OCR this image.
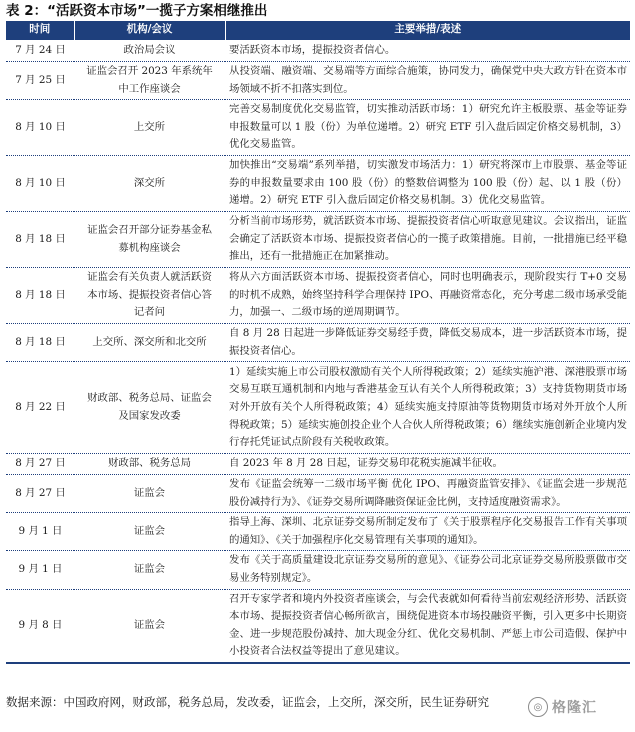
表 2：“活跃资本市场”一揽子方案相继推出
时间	机构/会议	主要举措/表述
7 月 24 日	政治局会议	要活跃资本市场，提振投资者信心。
7 月 25 日	证监会召开 2023 年系统年中工作座谈会	从投资端、融资端、交易端等方面综合施策，协同发力，确保党中央大政方针在资本市场领域不折不扣落实到位。
8 月 10 日	上交所	完善交易制度优化交易监管，切实推动活跃市场：1）研究允许主板股票、基金等证券申报数量可以 1 股（份）为单位递增。2）研究 ETF 引入盘后固定价格交易机制，3）优化交易监管。
8 月 10 日	深交所	加快推出“交易端”系列举措，切实激发市场活力：1）研究将深市上市股票、基金等证券的申报数量要求由 100 股（份）的整数倍调整为 100 股（份）起、以 1 股（份）递增。2）研究 ETF 引入盘后固定价格交易机制。3）优化交易监管。
8 月 18 日	证监会召开部分证券基金私募机构座谈会	分析当前市场形势，就活跃资本市场、提振投资者信心听取意见建议。会议指出，证监会确定了活跃资本市场、提振投资者信心的一揽子政策措施。目前，一批措施已经平稳推出，还有一批措施正在加紧推动。
8 月 18 日	证监会有关负责人就活跃资本市场、提振投资者信心答记者问	将从六方面活跃资本市场、提振投资者信心，同时也明确表示，现阶段实行 T+0 交易的时机不成熟，始终坚持科学合理保持 IPO、再融资常态化，充分考虑二级市场承受能力，加强一、二级市场的逆周期调节。
8 月 18 日	上交所、深交所和北交所	自 8 月 28 日起进一步降低证券交易经手费，降低交易成本，进一步活跃资本市场，提振投资者信心。
8 月 22 日	财政部、税务总局、证监会及国家发改委	1）延续实施上市公司股权激励有关个人所得税政策；2）延续实施沪港、深港股票市场交易互联互通机制和内地与香港基金互认有关个人所得税政策；3）支持货物期货市场对外开放有关个人所得税政策；4）延续实施支持原油等货物期货市场对外开放个人所得税政策；5）延续实施创投企业个人合伙人所得税政策；6）继续实施创新企业境内发行存托凭证试点阶段有关税收政策。
8 月 27 日	财政部、税务总局	自 2023 年 8 月 28 日起，证券交易印花税实施减半征收。
8 月 27 日	证监会	发布《证监会统筹一二级市场平衡 优化 IPO、再融资监管安排》、《证监会进一步规范股份减持行为》、《证券交易所调降融资保证金比例，支持适度融资需求》。
9 月 1 日	证监会	指导上海、深圳、北京证券交易所制定发布了《关于股票程序化交易报告工作有关事项的通知》、《关于加强程序化交易管理有关事项的通知》。
9 月 1 日	证监会	发布《关于高质量建设北京证券交易所的意见》、《证券公司北京证券交易所股票做市交易业务特别规定》。
9 月 8 日	证监会	召开专家学者和境内外投资者座谈会，与会代表就如何看待当前宏观经济形势、活跃资本市场、提振投资者信心畅所欲言，围绕促进资本市场投融资平衡，引入更多中长期资金、进一步规范股份减持、加大现金分红、优化交易机制、严惩上市公司造假、保护中小投资者合法权益等提出了意见建议。
数据来源：中国政府网，财政部，税务总局，发改委，证监会，上交所，深交所，民生证券研究	◎ 格隆汇
